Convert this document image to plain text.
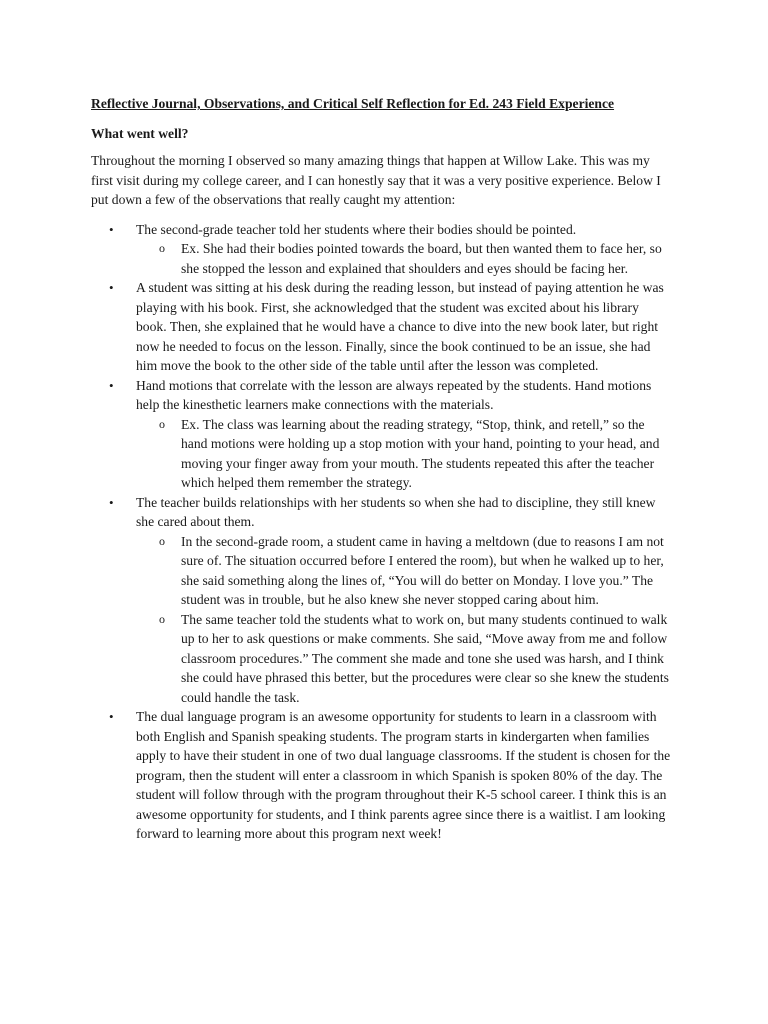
Reflective Journal, Observations, and Critical Self Reflection for Ed. 243 Field Experience
What went well?

Throughout the morning I observed so many amazing things that happen at Willow Lake. This was my first visit during my college career, and I can honestly say that it was a very positive experience. Below I put down a few of the observations that really caught my attention:

• The second-grade teacher told her students where their bodies should be pointed.
o Ex. She had their bodies pointed towards the board, but then wanted them to face her, so she stopped the lesson and explained that shoulders and eyes should be facing her.
• A student was sitting at his desk during the reading lesson, but instead of paying attention he was playing with his book. First, she acknowledged that the student was excited about his library book. Then, she explained that he would have a chance to dive into the new book later, but right now he needed to focus on the lesson. Finally, since the book continued to be an issue, she had him move the book to the other side of the table until after the lesson was completed.
• Hand motions that correlate with the lesson are always repeated by the students. Hand motions help the kinesthetic learners make connections with the materials.
o Ex. The class was learning about the reading strategy, “Stop, think, and retell,” so the hand motions were holding up a stop motion with your hand, pointing to your head, and moving your finger away from your mouth. The students repeated this after the teacher which helped them remember the strategy.
• The teacher builds relationships with her students so when she had to discipline, they still knew she cared about them.
o In the second-grade room, a student came in having a meltdown (due to reasons I am not sure of. The situation occurred before I entered the room), but when he walked up to her, she said something along the lines of, “You will do better on Monday. I love you.” The student was in trouble, but he also knew she never stopped caring about him.
o The same teacher told the students what to work on, but many students continued to walk up to her to ask questions or make comments. She said, “Move away from me and follow classroom procedures.” The comment she made and tone she used was harsh, and I think she could have phrased this better, but the procedures were clear so she knew the students could handle the task.
• The dual language program is an awesome opportunity for students to learn in a classroom with both English and Spanish speaking students. The program starts in kindergarten when families apply to have their student in one of two dual language classrooms. If the student is chosen for the program, then the student will enter a classroom in which Spanish is spoken 80% of the day. The student will follow through with the program throughout their K-5 school career. I think this is an awesome opportunity for students, and I think parents agree since there is a waitlist. I am looking forward to learning more about this program next week!
